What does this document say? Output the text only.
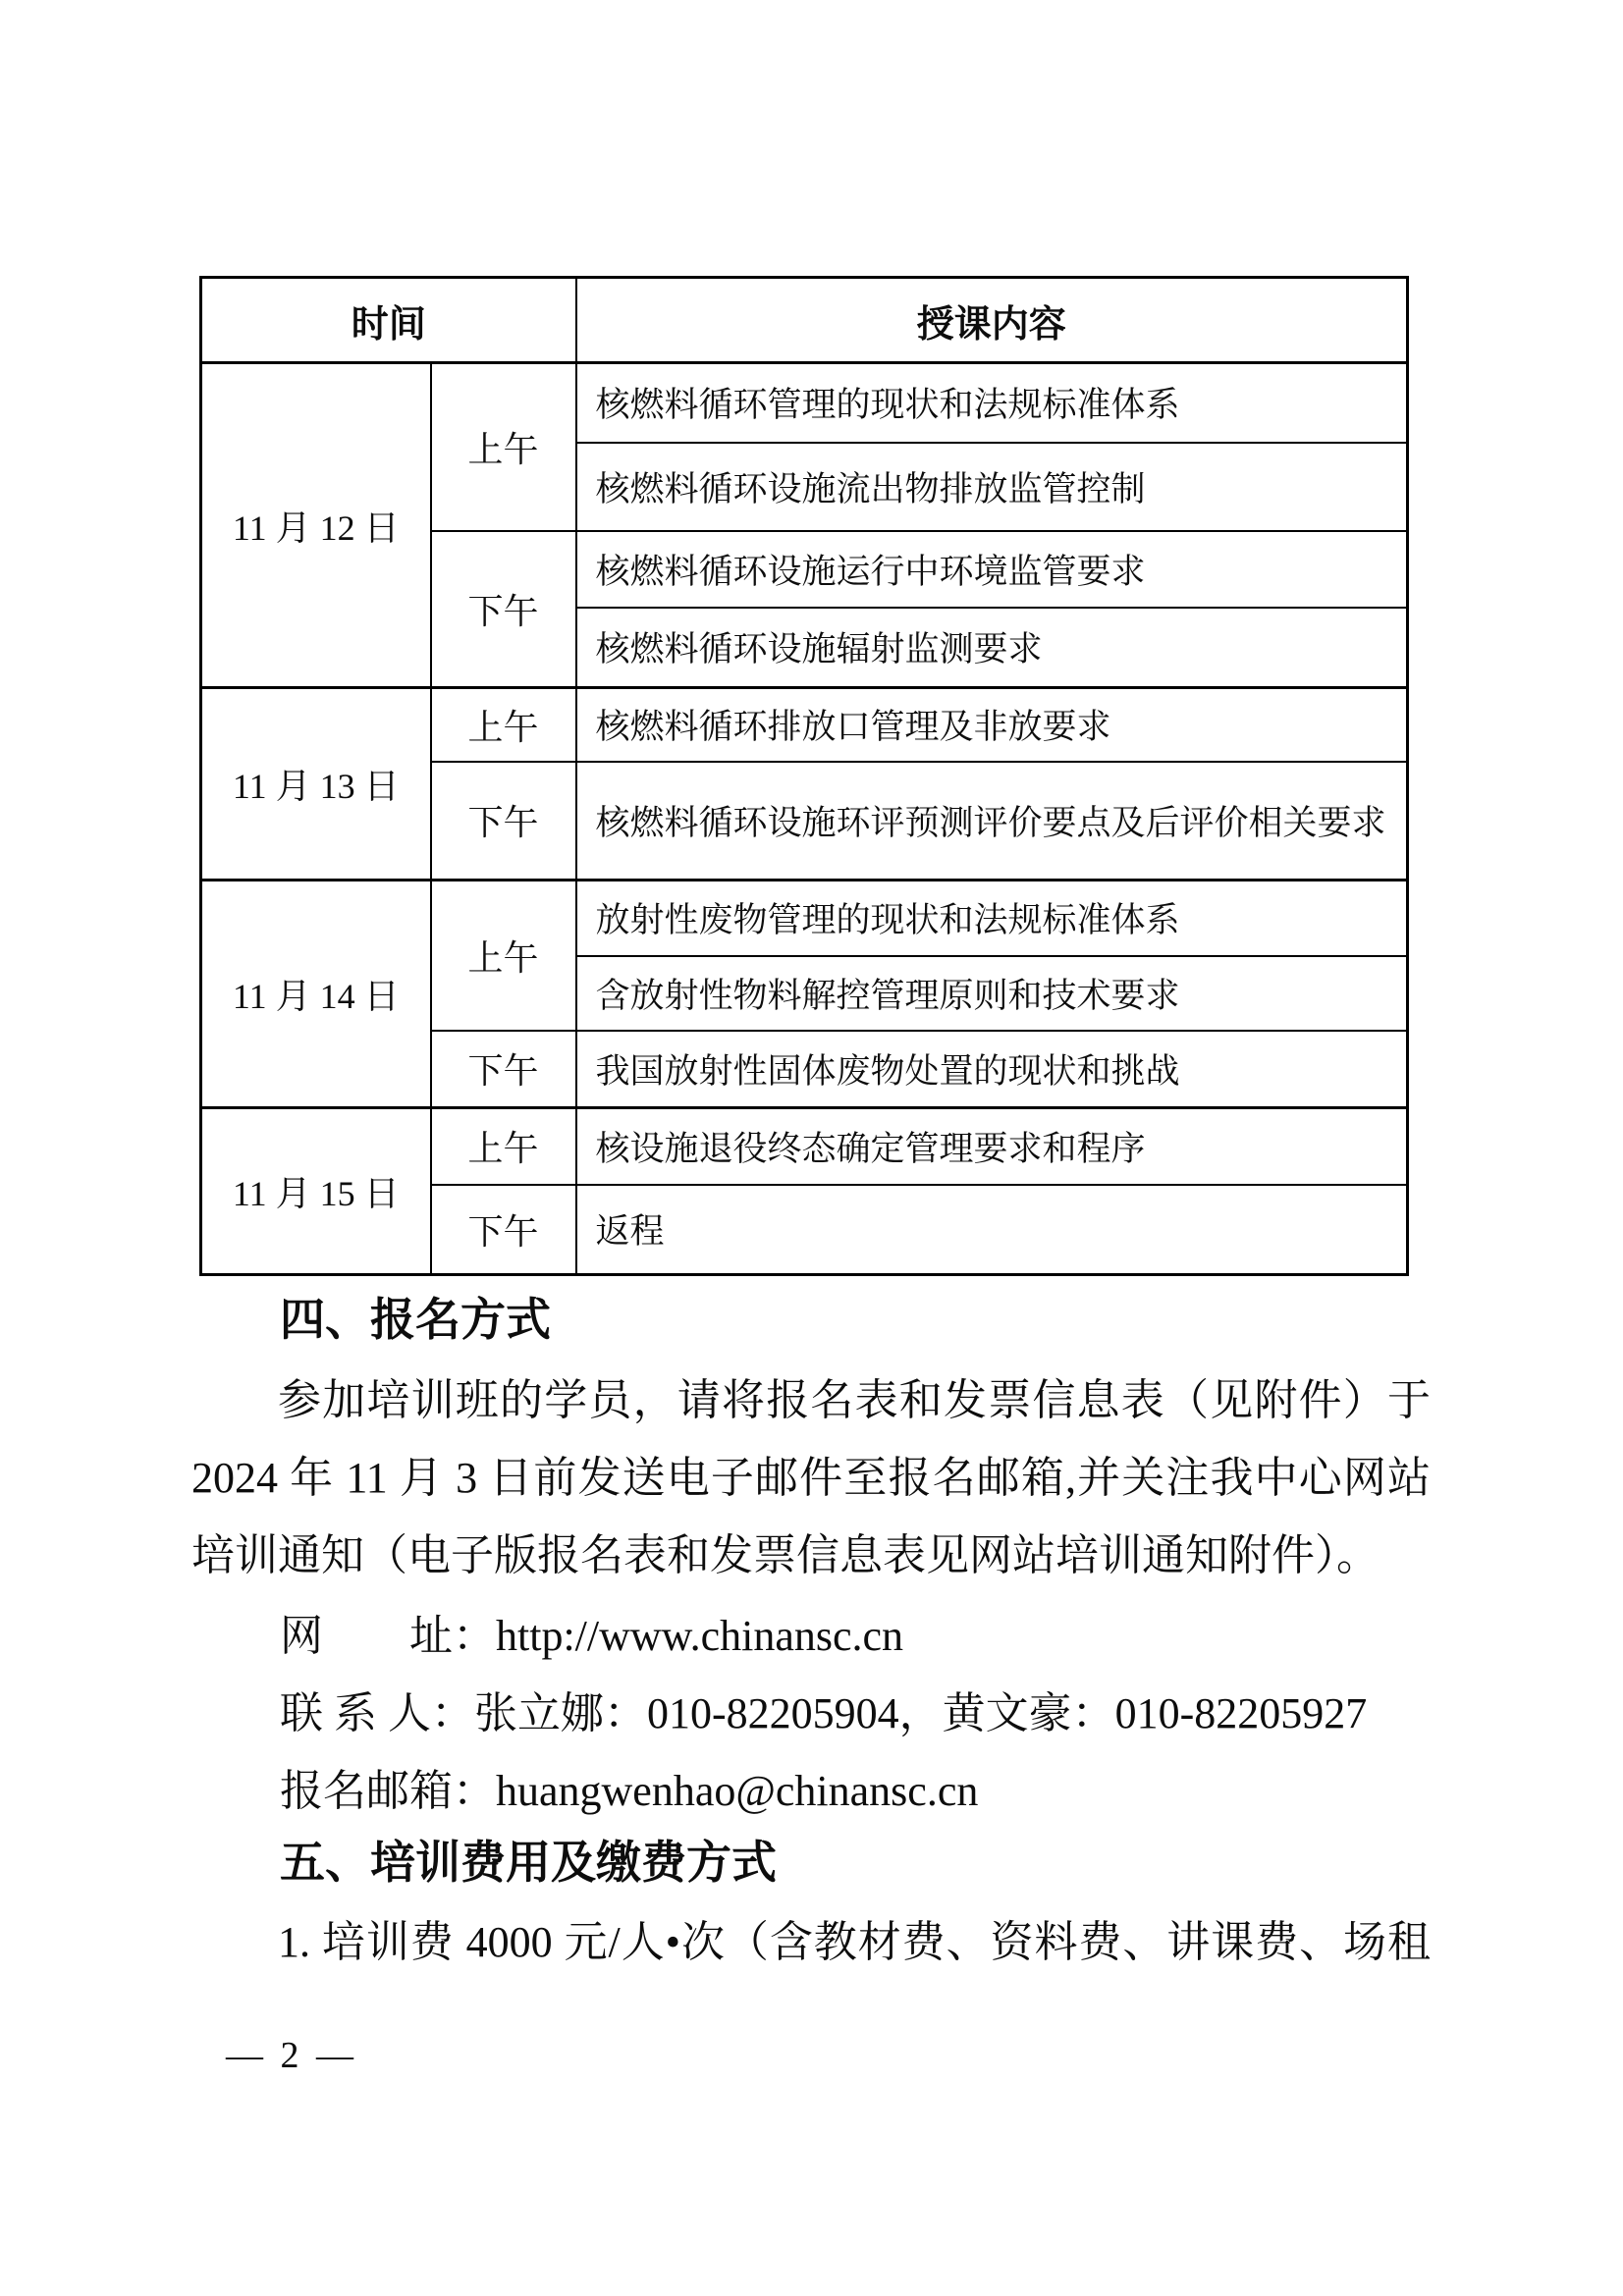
时间		授课内容
11 月 12 日	上午	核燃料循环管理的现状和法规标准体系
		核燃料循环设施流出物排放监管控制
	下午	核燃料循环设施运行中环境监管要求
		核燃料循环设施辐射监测要求
11 月 13 日	上午	核燃料循环排放口管理及非放要求
	下午	核燃料循环设施环评预测评价要点及后评价相关要求
11 月 14 日	上午	放射性废物管理的现状和法规标准体系
		含放射性物料解控管理原则和技术要求
	下午	我国放射性固体废物处置的现状和挑战
11 月 15 日	上午	核设施退役终态确定管理要求和程序
	下午	返程
四、报名方式
参加培训班的学员，请将报名表和发票信息表（见附件）于
2024 年 11 月 3 日前发送电子邮件至报名邮箱,并关注我中心网站
培训通知（电子版报名表和发票信息表见网站培训通知附件）。
网　　址：http://www.chinansc.cn
联 系 人：张立娜：010-82205904，黄文豪：010-82205927
报名邮箱：huangwenhao@chinansc.cn
五、培训费用及缴费方式
1. 培训费 4000 元/人•次（含教材费、资料费、讲课费、场租
— 2 —
